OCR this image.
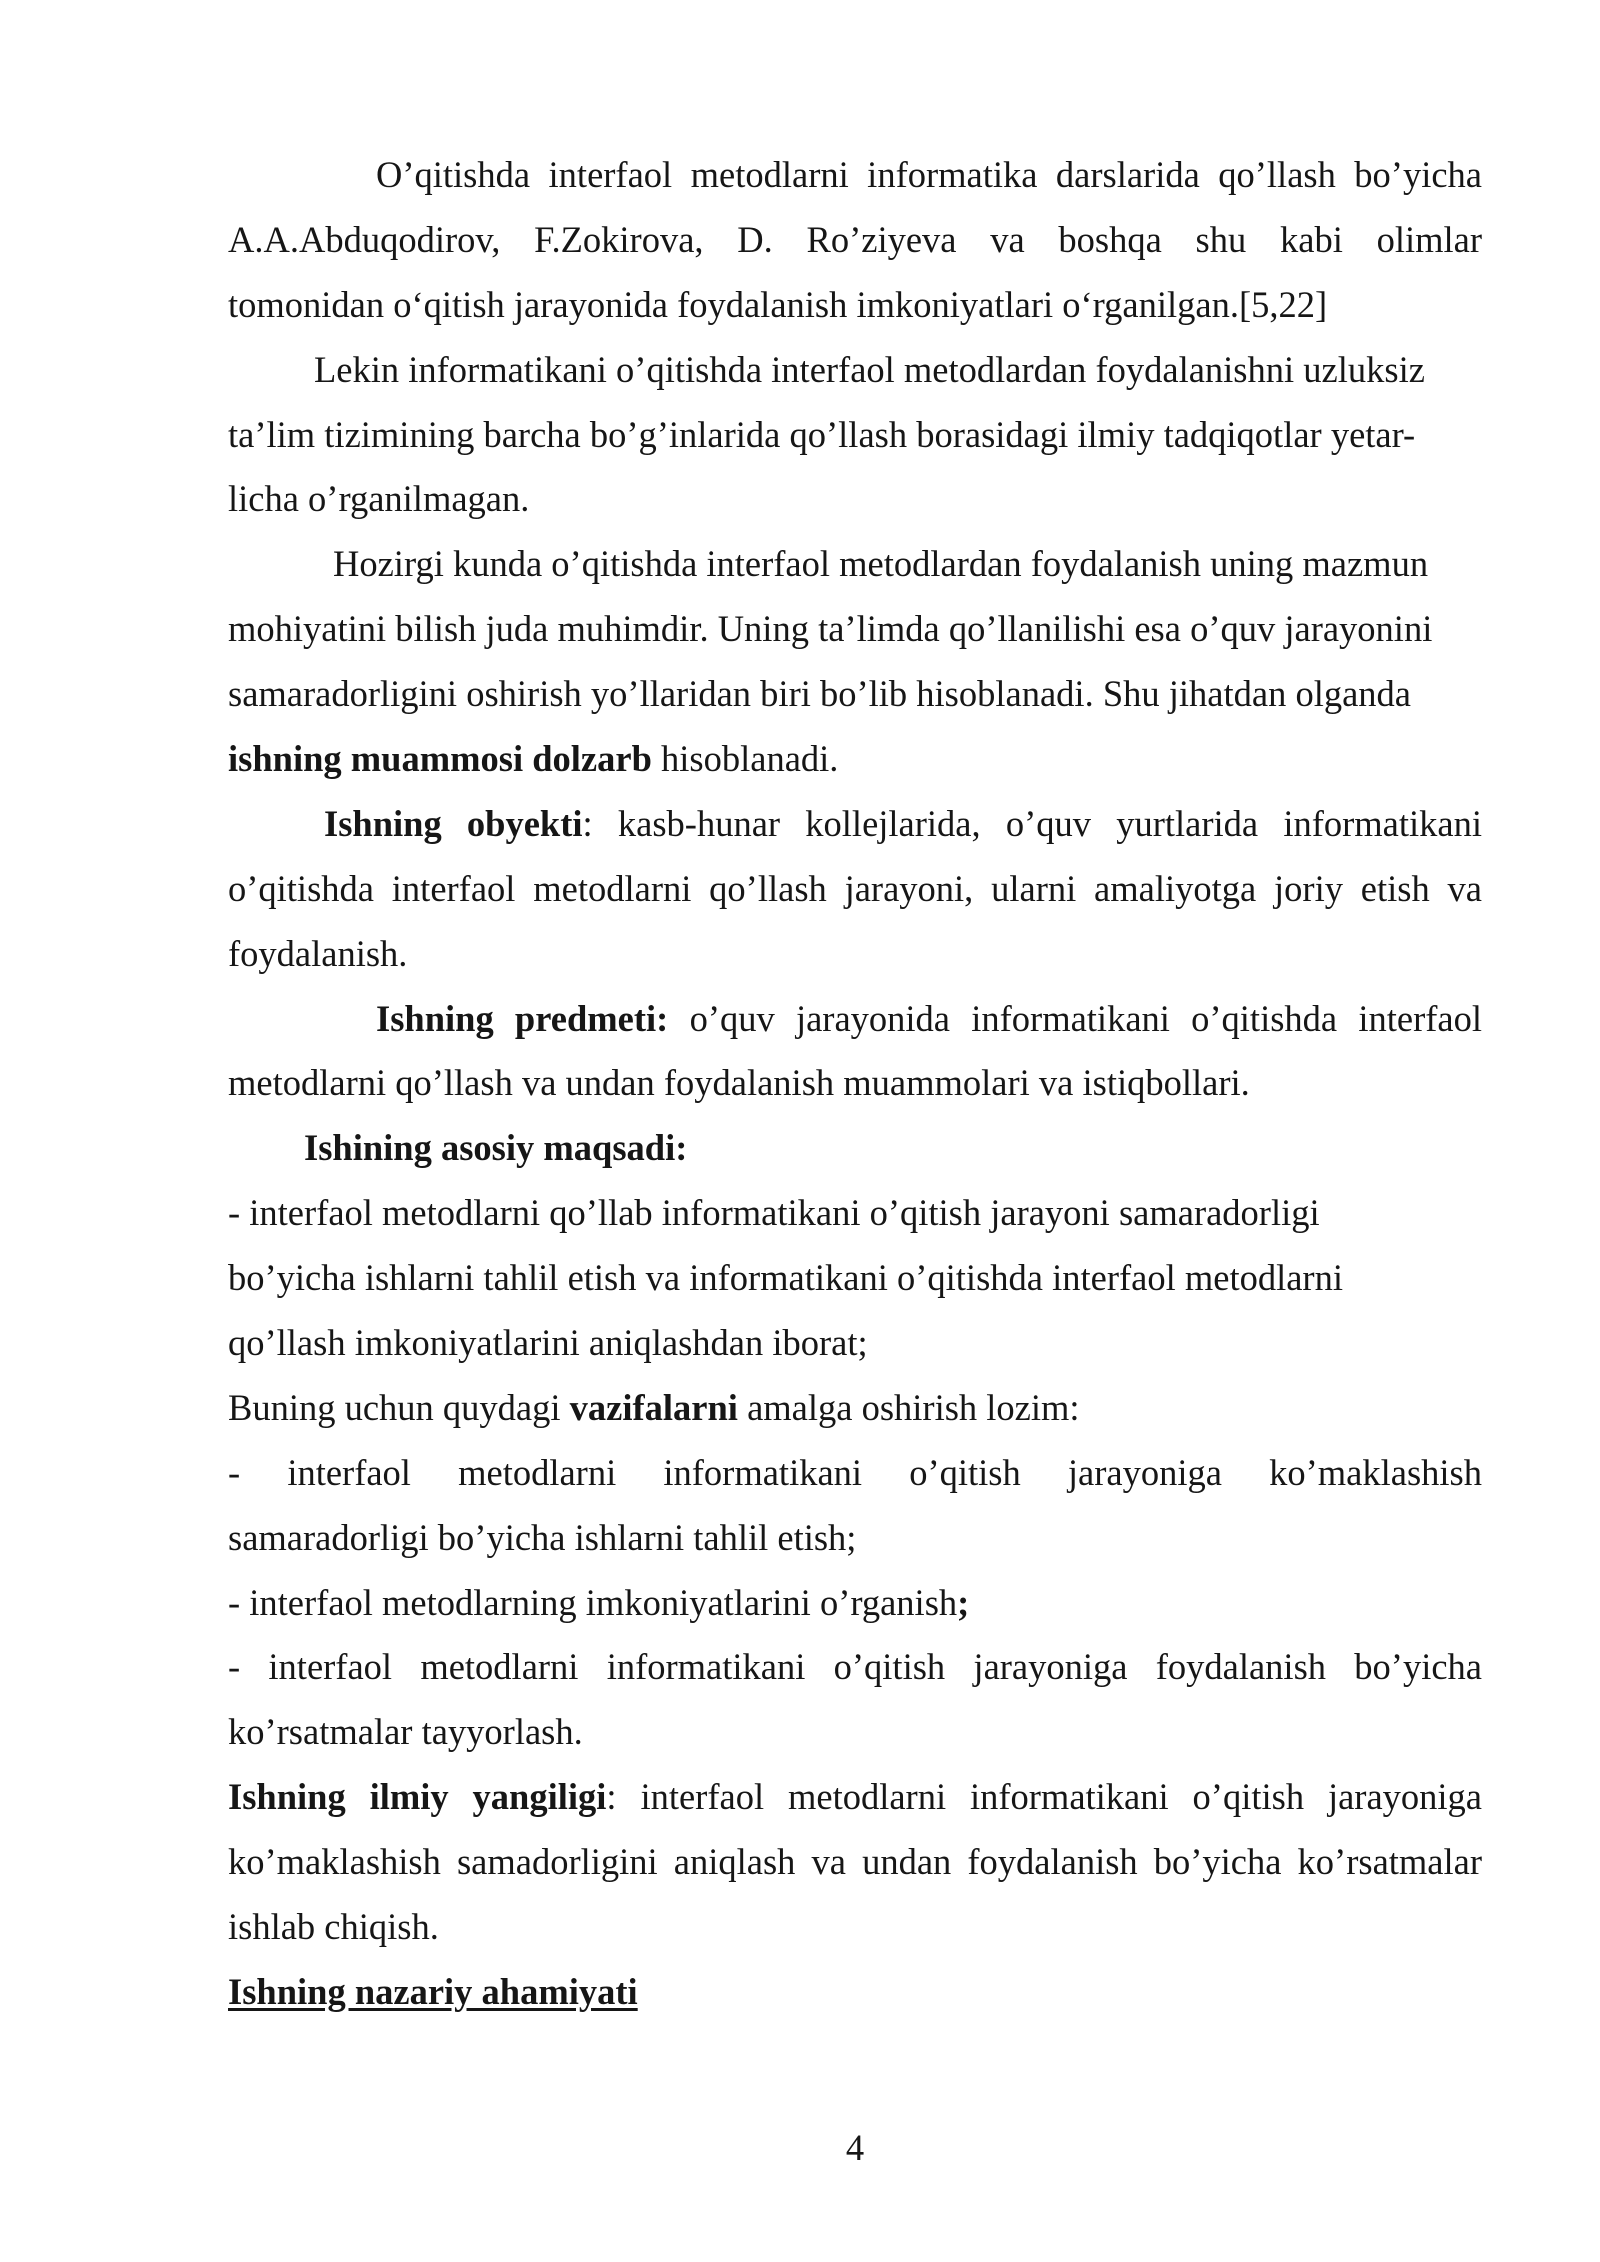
O’qitishda interfaol metodlarni informatika darslarida qo’llash bo’yicha
A.A.Abduqodirov, F.Zokirova, D. Ro’ziyeva va boshqa shu kabi olimlar
tomonidan o‘qitish jarayonida foydalanish imkoniyatlari o‘rganilgan.[5,22]
Lekin informatikani o’qitishda interfaol metodlardan foydalanishni uzluksiz
ta’lim tizimining barcha bo’g’inlarida qo’llash borasidagi ilmiy tadqiqotlar yetar-
licha o’rganilmagan.
Hozirgi kunda o’qitishda interfaol metodlardan foydalanish uning mazmun
mohiyatini bilish juda muhimdir. Uning ta’limda qo’llanilishi esa o’quv jarayonini
samaradorligini oshirish yo’llaridan biri bo’lib hisoblanadi. Shu jihatdan olganda
ishning muammosi dolzarb hisoblanadi.
Ishning obyekti: kasb-hunar kollejlarida, o’quv yurtlarida informatikani
o’qitishda interfaol metodlarni qo’llash jarayoni, ularni amaliyotga joriy etish va
foydalanish.
Ishning predmeti: o’quv jarayonida informatikani o’qitishda interfaol
metodlarni qo’llash va undan foydalanish muammolari va istiqbollari.
Ishining asosiy maqsadi:
- interfaol metodlarni qo’llab informatikani o’qitish jarayoni samaradorligi
bo’yicha ishlarni tahlil etish va informatikani o’qitishda interfaol metodlarni
qo’llash imkoniyatlarini aniqlashdan iborat;
Buning uchun quydagi vazifalarni amalga oshirish lozim:
- interfaol metodlarni informatikani o’qitish jarayoniga ko’maklashish
samaradorligi bo’yicha ishlarni tahlil etish;
- interfaol metodlarning imkoniyatlarini o’rganish;
- interfaol metodlarni informatikani o’qitish jarayoniga foydalanish bo’yicha
ko’rsatmalar tayyorlash.
Ishning ilmiy yangiligi: interfaol metodlarni informatikani o’qitish jarayoniga
ko’maklashish samadorligini aniqlash va undan foydalanish bo’yicha ko’rsatmalar
ishlab chiqish.
Ishning nazariy ahamiyati
4
